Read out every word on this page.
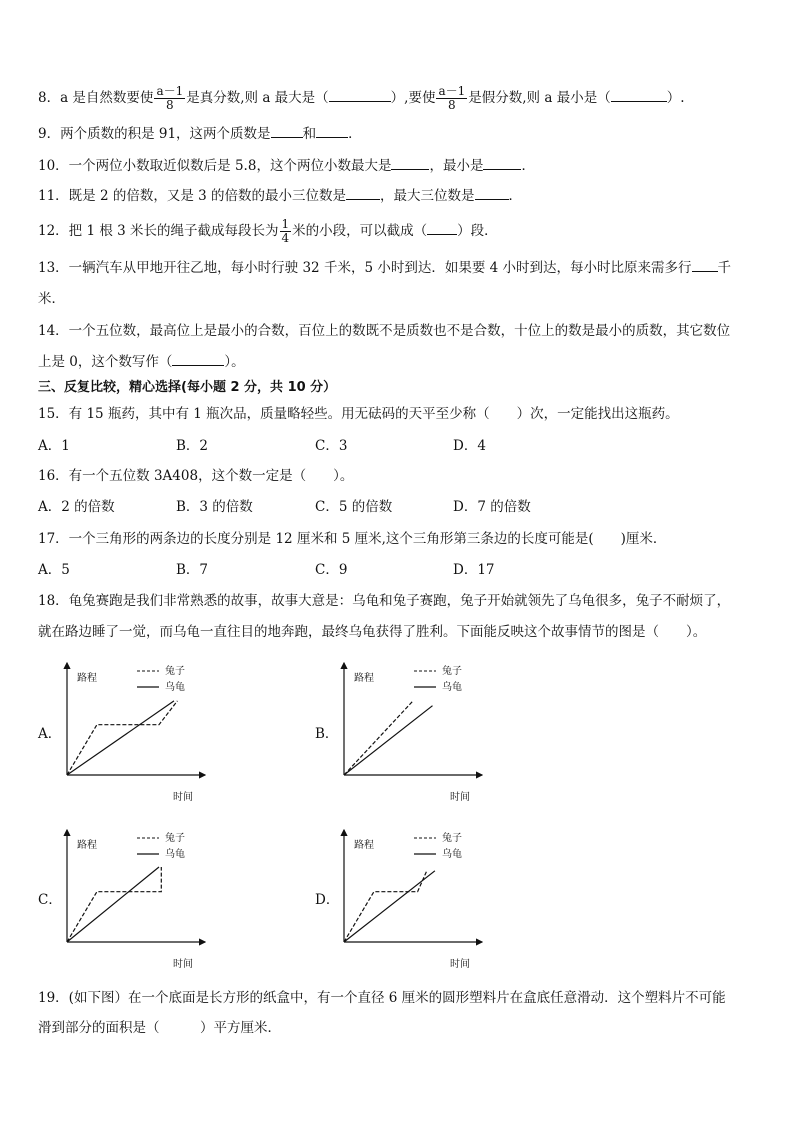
8．a 是自然数要使 $\frac{a-1}{8}$ 是真分数,则 a 最大是（	）,要使 $\frac{a-1}{8}$ 是假分数,则 a 最小是（	）.
9．两个质数的积是 91，这两个质数是 和 ．
10．一个两位小数取近似数后是 5.8，这个两位小数最大是	，最小是	．
11．既是 2 的倍数，又是 3 的倍数的最小三位数是	，最大三位数是	．
12．把 1 根 3 米长的绳子截成每段长为 $\frac{1}{4}$ 米的小段，可以截成（ ）段．
13．一辆汽车从甲地开往乙地，每小时行驶 32 千米，5 小时到达．如果要 4 小时到达，每小时比原来需多行 千
米．
14．一个五位数，最高位上是最小的合数，百位上的数既不是质数也不是合数，十位上的数是最小的质数，其它数位
上是 0，这个数写作（	）。
三、反复比较，精心选择(每小题 2 分，共 10 分）
15．有 15 瓶药，其中有 1 瓶次品，质量略轻些。用无砝码的天平至少称（　　）次，一定能找出这瓶药。
A．1	B．2	C．3	D．4
16．有一个五位数 3A408，这个数一定是（　　）。
A．2 的倍数	B．3 的倍数	C．5 的倍数	D．7 的倍数
17．一个三角形的两条边的长度分别是 12 厘米和 5 厘米,这个三角形第三条边的长度可能是(　　)厘米．
A．5	B．7	C．9	D．17
18．龟兔赛跑是我们非常熟悉的故事，故事大意是：乌龟和兔子赛跑，兔子开始就领先了乌龟很多，兔子不耐烦了，
就在路边睡了一觉，而乌龟一直往目的地奔跑，最终乌龟获得了胜利。下面能反映这个故事情节的图是（　　）。
A．	B．
C．	D．
路程
时间
兔子
乌龟
路程
时间
兔子
乌龟
路程
时间
兔子
乌龟
路程
时间
兔子
乌龟
19．(如下图）在一个底面是长方形的纸盒中，有一个直径 6 厘米的圆形塑料片在盒底任意滑动．这个塑料片不可能
滑到部分的面积是（　　　）平方厘米．
